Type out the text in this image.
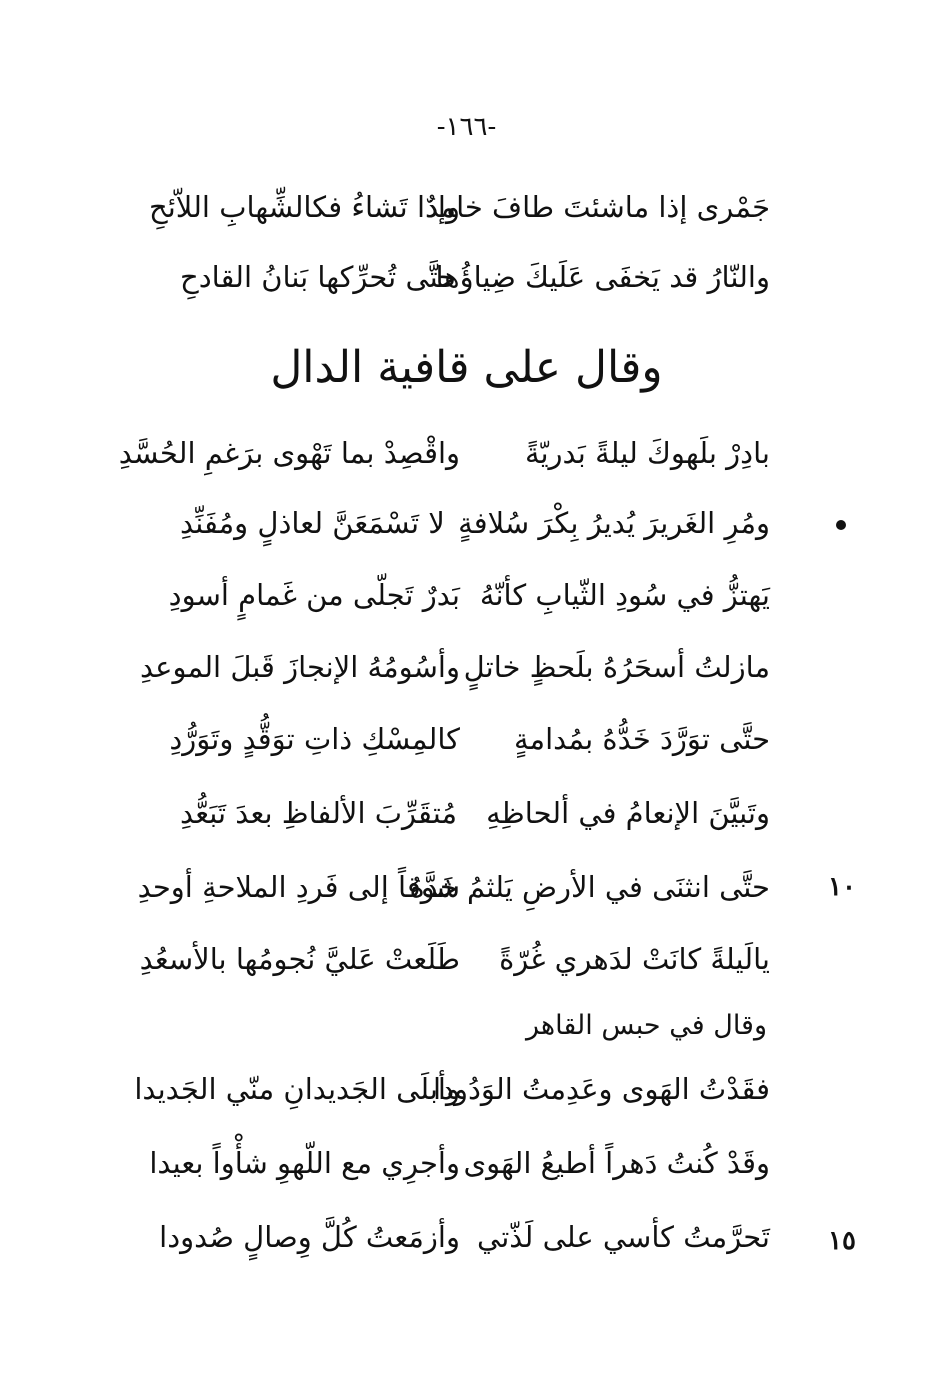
-١٦٦-
جَمْرى إذا ماشئتَ طافَ خامدٌ
وإذا تَشاءُ فكالشِّهابِ اللاّئحِ
والنّارُ قد يَخفَى عَلَيكَ ضِياؤُها
حتَّى تُحرِّكها بَنانُ القادحِ
وقال على قافية الدال
بادِرْ بلَهوكَ ليلةً بَدريّةً
واقْصِدْ بما تَهْوى برَغمِ الحُسَّدِ
ومُرِ الغَريرَ يُديرُ بِكْرَ سُلافةٍ
لا تَسْمَعَنَّ لعاذلٍ ومُفَنِّدِ
يَهتزُّ في سُودِ الثّيابِ كأنّهُ
بَدرٌ تَجلّى من غَمامٍ أسودِ
مازلتُ أسحَرُهُ بلَحظٍ خاتلٍ
وأسُومُهُ الإنجازَ قَبلَ الموعدِ
حتَّى توَرَّدَ خَدُّهُ بمُدامةٍ
كالمِسْكِ ذاتِ توَقُّدٍ وتَوَرُّدِ
وتَبيَّنَ الإنعامُ في ألحاظِهِ
مُتقَرِّبَ الألفاظِ بعدَ تَبَعُّدِ
١٠
حتَّى انثنَى في الأرضِ يَلثمُ خَدَّهُ
شوقاً إلى فَردِ الملاحةِ أوحدِ
يالَيلةً كانَتْ لدَهري غُرّةً
طَلَعتْ عَليَّ نُجومُها بالأسعُدِ
وقال في حبس القاهر
فقَدْتُ الهَوى وعَدِمتُ الوَدُودا
وأبلَى الجَديدانِ منّي الجَديدا
وقَدْ كُنتُ دَهراً أطيعُ الهَوى
وأجرِي مع اللّهوِ شأْواً بعيدا
١٥
تَحرَّمتُ كأسي على لَذّتي
وأزمَعتُ كُلَّ وِصالٍ صُدودا
